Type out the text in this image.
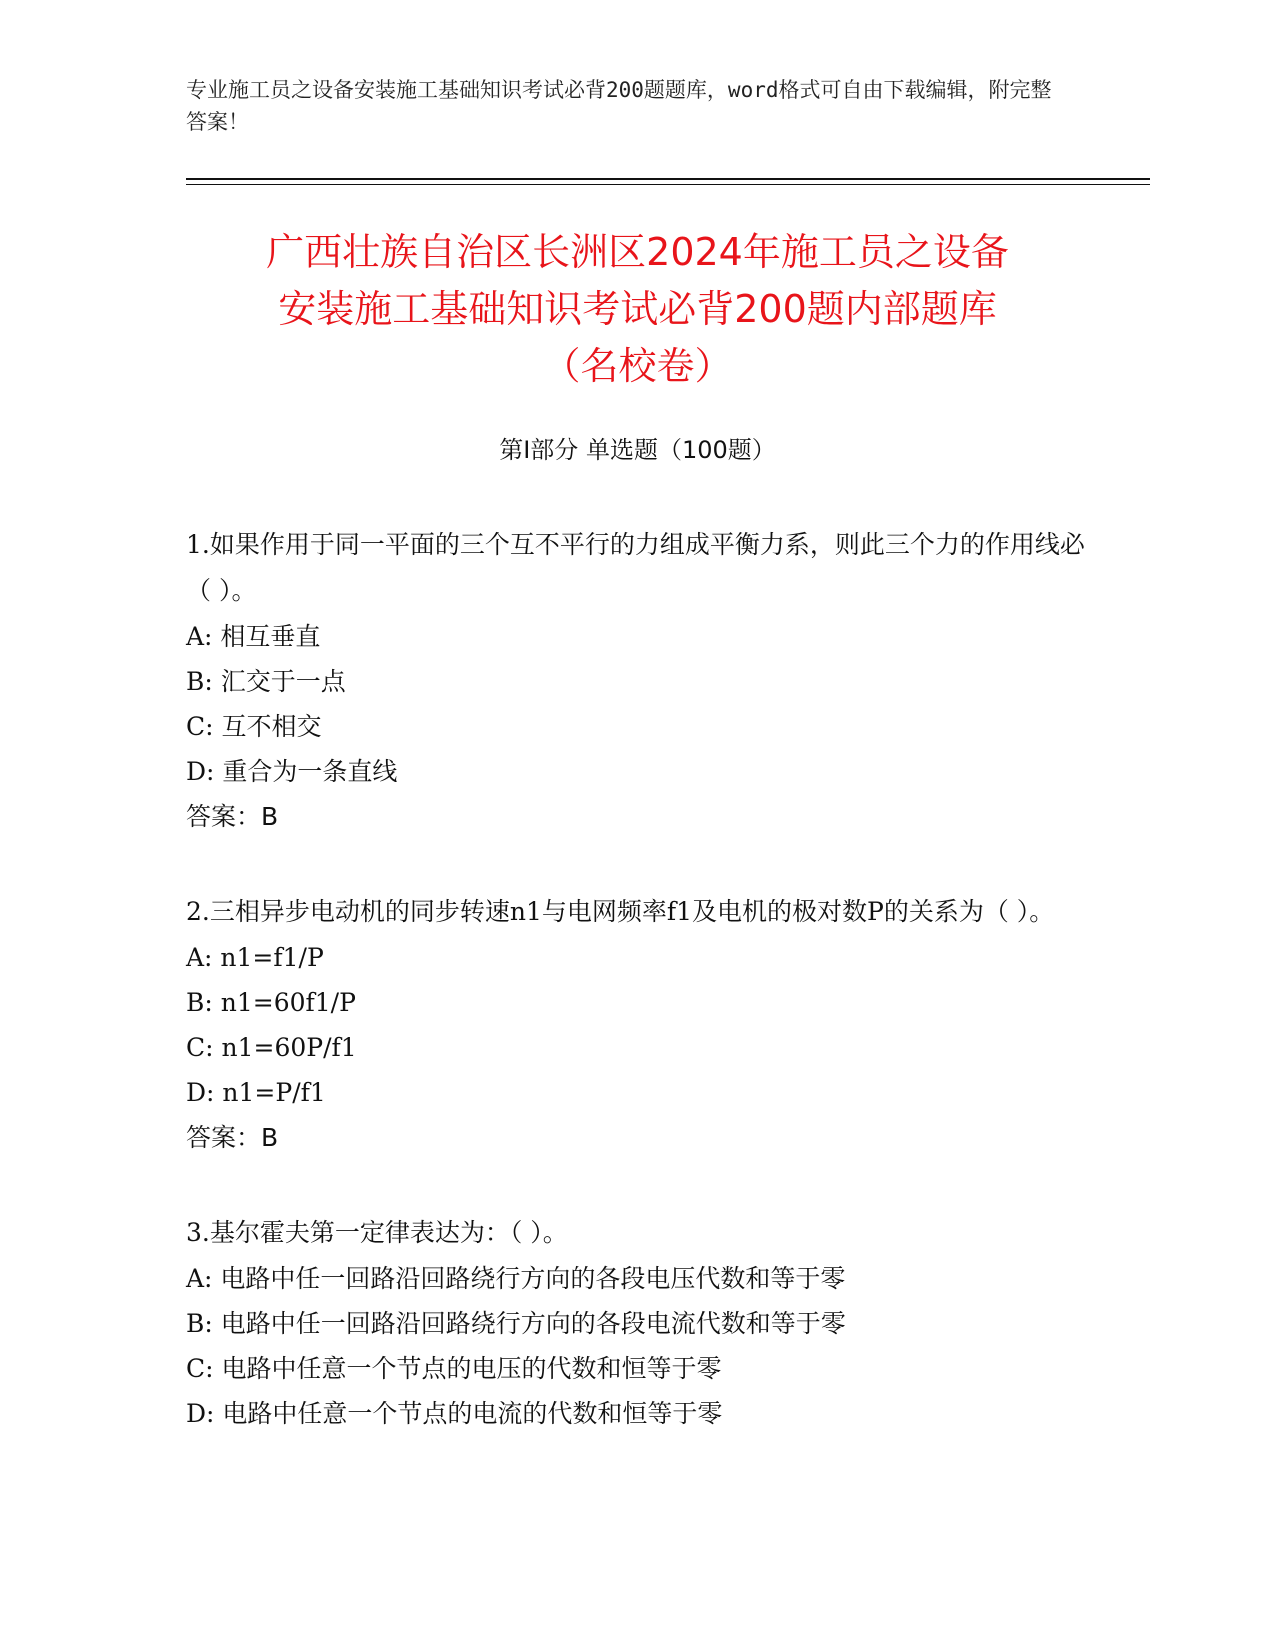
专业施工员之设备安装施工基础知识考试必背200题题库，word格式可自由下载编辑，附完整答案！
广西壮族自治区长洲区2024年施工员之设备
安装施工基础知识考试必背200题内部题库
（名校卷）
第I部分 单选题（100题）
1.如果作用于同一平面的三个互不平行的力组成平衡力系，则此三个力的作用线必（ ）。
A: 相互垂直
B: 汇交于一点
C: 互不相交
D: 重合为一条直线
答案：B
2.三相异步电动机的同步转速n1与电网频率f1及电机的极对数P的关系为（ ）。
A: n1=f1/P
B: n1=60f1/P
C: n1=60P/f1
D: n1=P/f1
答案：B
3.基尔霍夫第一定律表达为：（ ）。
A: 电路中任一回路沿回路绕行方向的各段电压代数和等于零
B: 电路中任一回路沿回路绕行方向的各段电流代数和等于零
C: 电路中任意一个节点的电压的代数和恒等于零
D: 电路中任意一个节点的电流的代数和恒等于零
